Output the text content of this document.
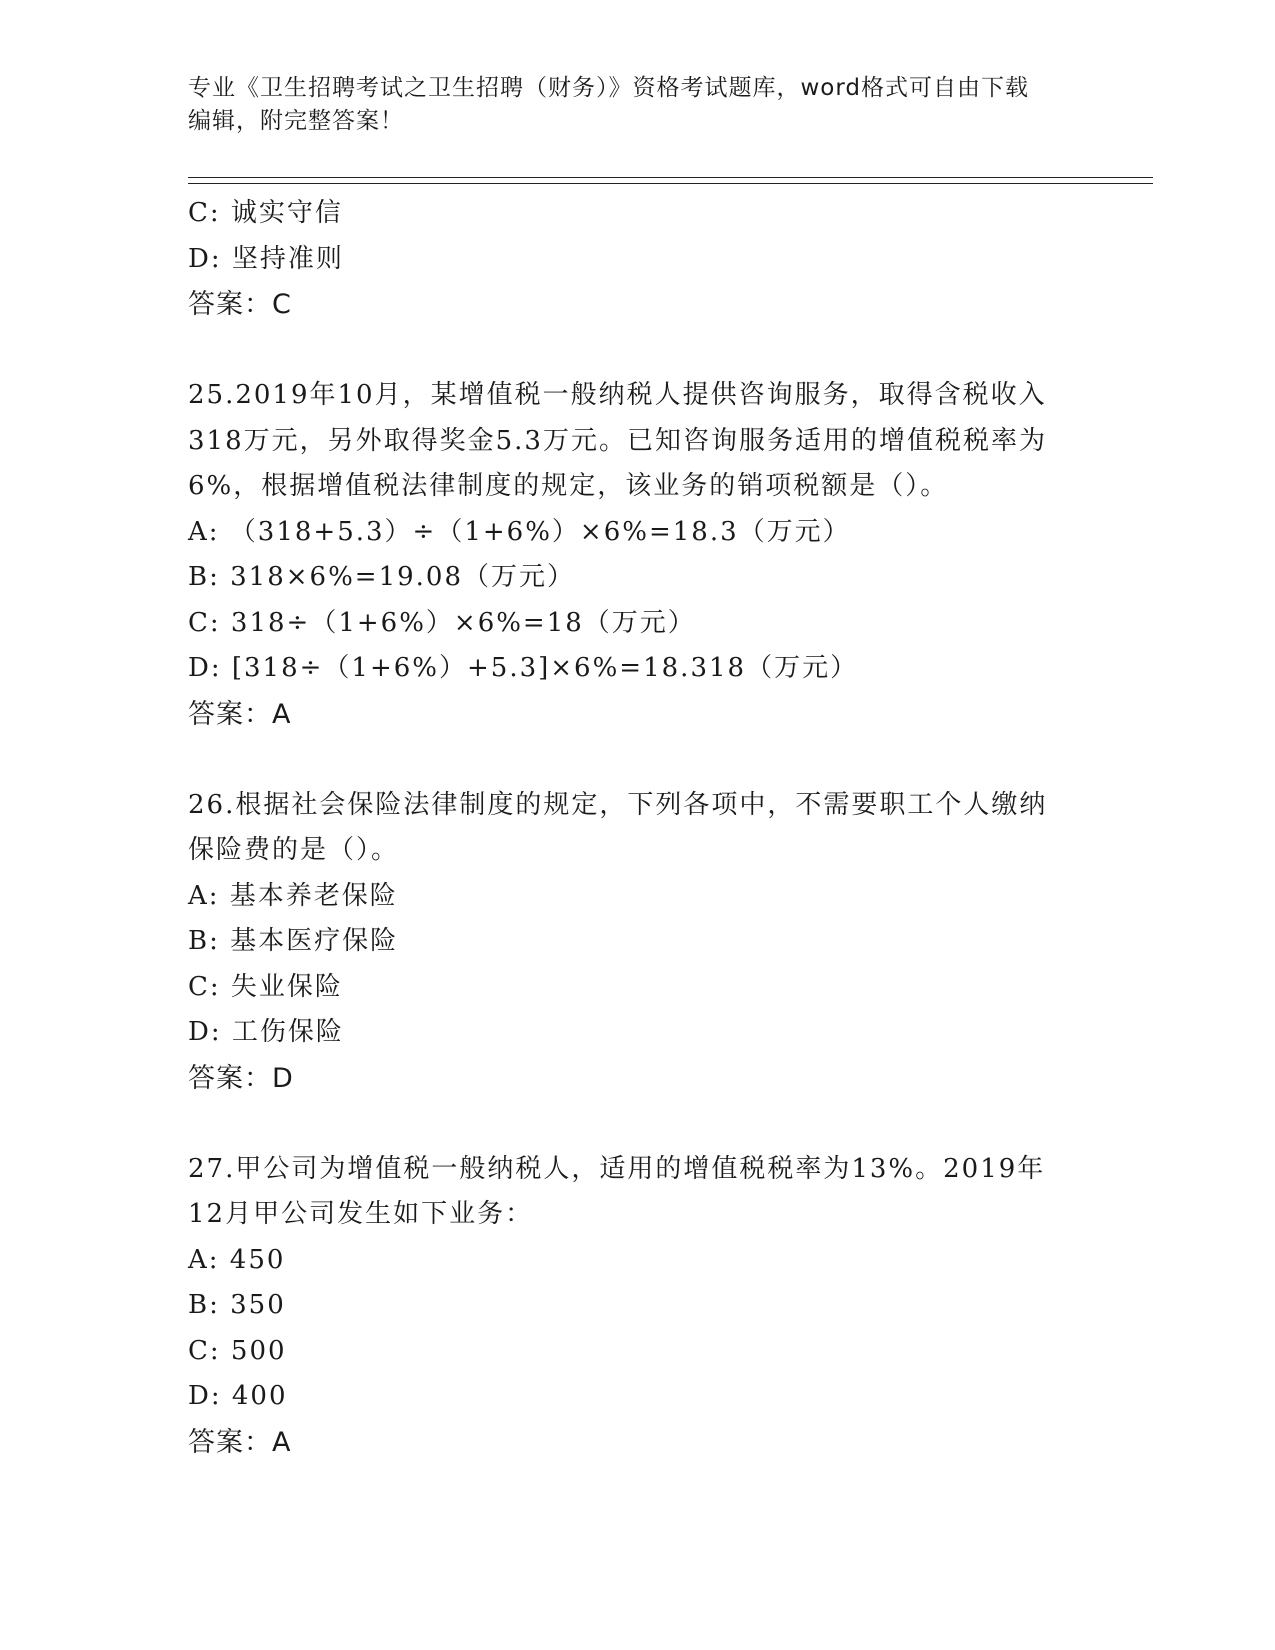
专业《卫生招聘考试之卫生招聘（财务）》资格考试题库，word格式可自由下载
编辑，附完整答案！
C: 诚实守信
D: 坚持准则
答案：C
25.2019年10月，某增值税一般纳税人提供咨询服务，取得含税收入
318万元，另外取得奖金5.3万元。已知咨询服务适用的增值税税率为
6%，根据增值税法律制度的规定，该业务的销项税额是（）。
A: （318+5.3）÷（1+6%）×6%=18.3（万元）
B: 318×6%=19.08（万元）
C: 318÷（1+6%）×6%=18（万元）
D: [318÷（1+6%）+5.3]×6%=18.318（万元）
答案：A
26.根据社会保险法律制度的规定，下列各项中，不需要职工个人缴纳
保险费的是（）。
A: 基本养老保险
B: 基本医疗保险
C: 失业保险
D: 工伤保险
答案：D
27.甲公司为增值税一般纳税人，适用的增值税税率为13%。2019年
12月甲公司发生如下业务：
A: 450
B: 350
C: 500
D: 400
答案：A
